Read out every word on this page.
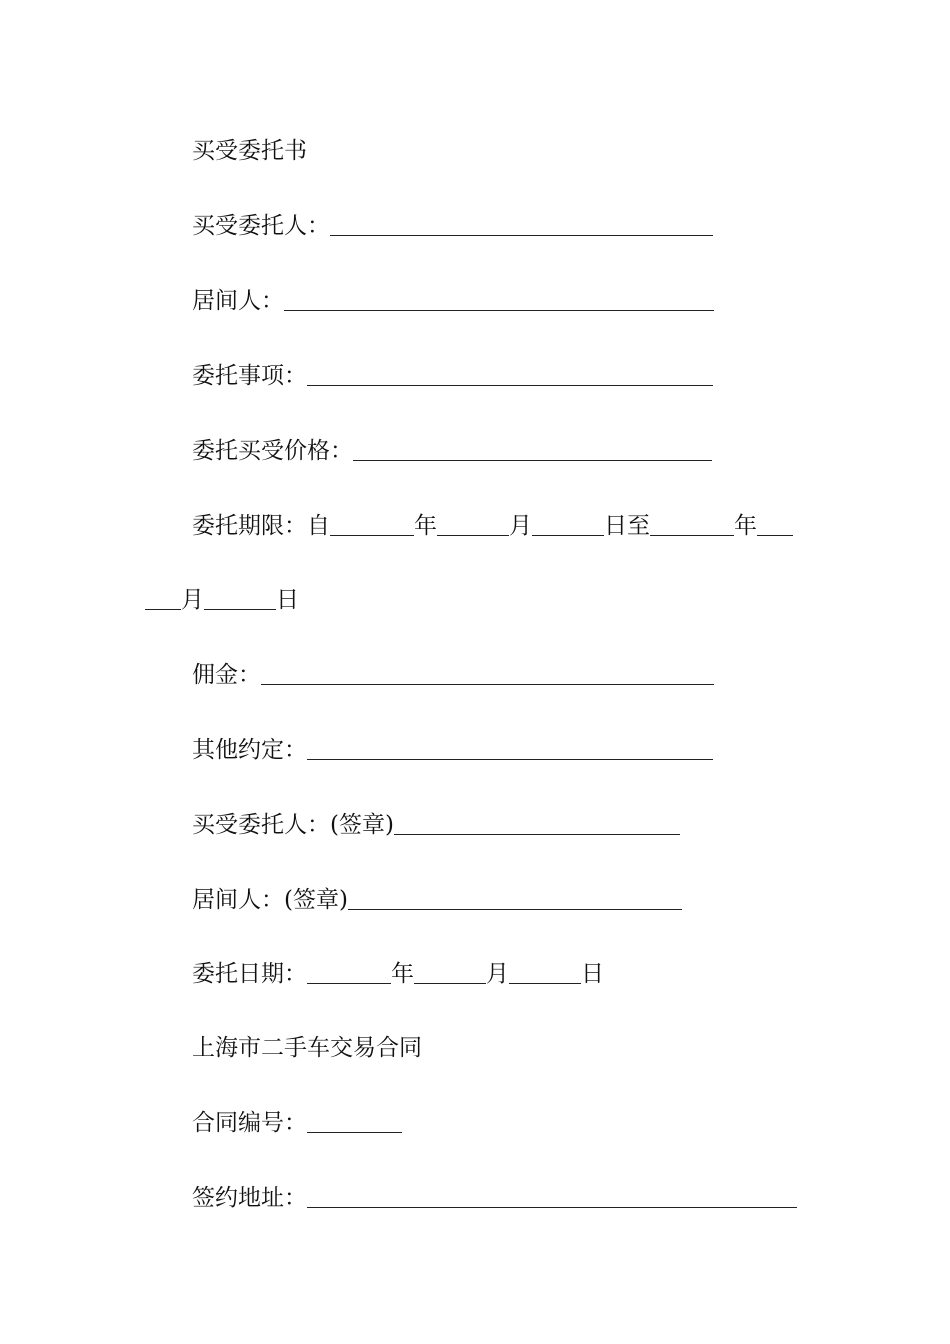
买受委托书
买受委托人：
居间人：
委托事项：
委托买受价格：
委托期限： 自	年	月	日至	年
月	日
佣金：
其他约定：
买受委托人：(签章)
居间人：(签章)
委托日期：	年	月	日
上海市二手车交易合同
合同编号：
签约地址：
